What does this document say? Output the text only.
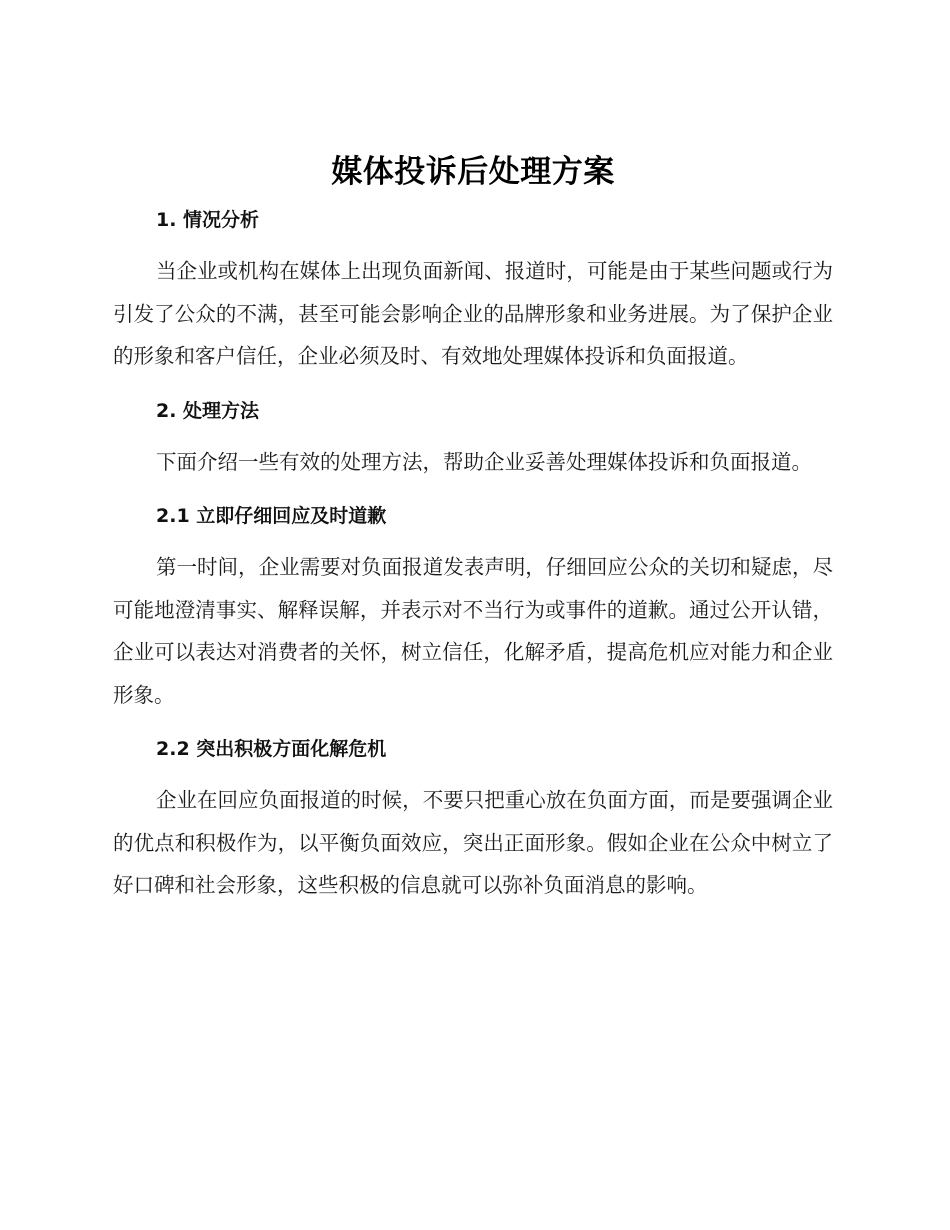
媒体投诉后处理方案
1. 情况分析

当企业或机构在媒体上出现负面新闻、报道时，可能是由于某些问题或行为引发了公众的不满，甚至可能会影响企业的品牌形象和业务进展。为了保护企业的形象和客户信任，企业必须及时、有效地处理媒体投诉和负面报道。

2. 处理方法

下面介绍一些有效的处理方法，帮助企业妥善处理媒体投诉和负面报道。

2.1 立即仔细回应及时道歉

第一时间，企业需要对负面报道发表声明，仔细回应公众的关切和疑虑，尽可能地澄清事实、解释误解，并表示对不当行为或事件的道歉。通过公开认错，企业可以表达对消费者的关怀，树立信任，化解矛盾，提高危机应对能力和企业形象。

2.2 突出积极方面化解危机

企业在回应负面报道的时候，不要只把重心放在负面方面，而是要强调企业的优点和积极作为，以平衡负面效应，突出正面形象。假如企业在公众中树立了好口碑和社会形象，这些积极的信息就可以弥补负面消息的影响。
